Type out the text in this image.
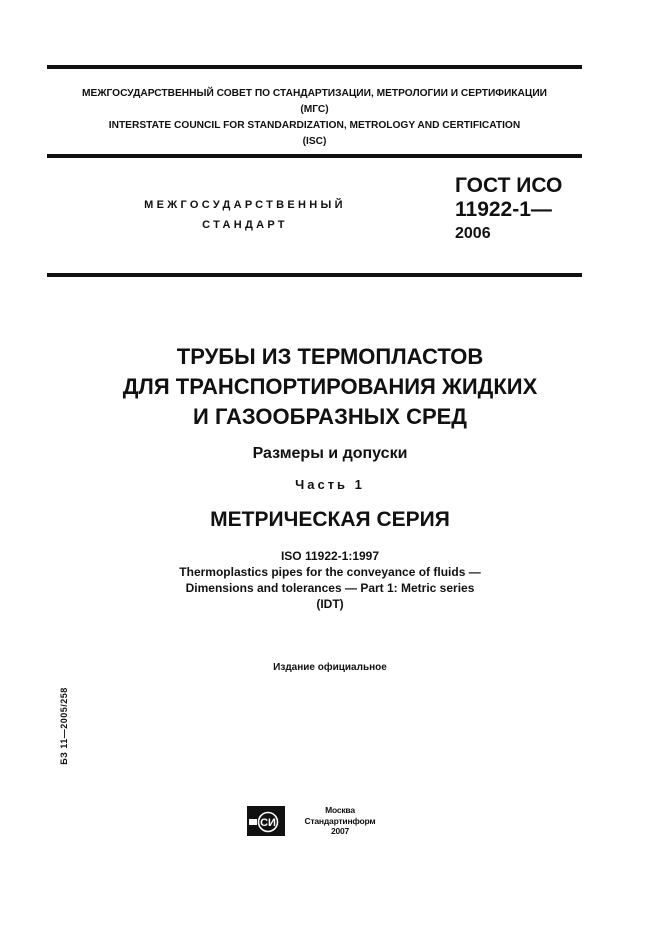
МЕЖГОСУДАРСТВЕННЫЙ СОВЕТ ПО СТАНДАРТИЗАЦИИ, МЕТРОЛОГИИ И СЕРТИФИКАЦИИ
(МГС)
INTERSTATE COUNCIL FOR STANDARDIZATION, METROLOGY AND CERTIFICATION
(ISC)
МЕЖГОСУДАРСТВЕННЫЙ
СТАНДАРТ
ГОСТ ИСО
11922-1—
2006
ТРУБЫ ИЗ ТЕРМОПЛАСТОВ
ДЛЯ ТРАНСПОРТИРОВАНИЯ ЖИДКИХ
И ГАЗООБРАЗНЫХ СРЕД
Размеры и допуски
Часть 1
МЕТРИЧЕСКАЯ СЕРИЯ
ISO 11922-1:1997
Thermoplastics pipes for the conveyance of fluids —
Dimensions and tolerances — Part 1: Metric series
(IDT)
Издание официальное
БЗ 11—2005/258
СИ
Москва
Стандартинформ
2007
